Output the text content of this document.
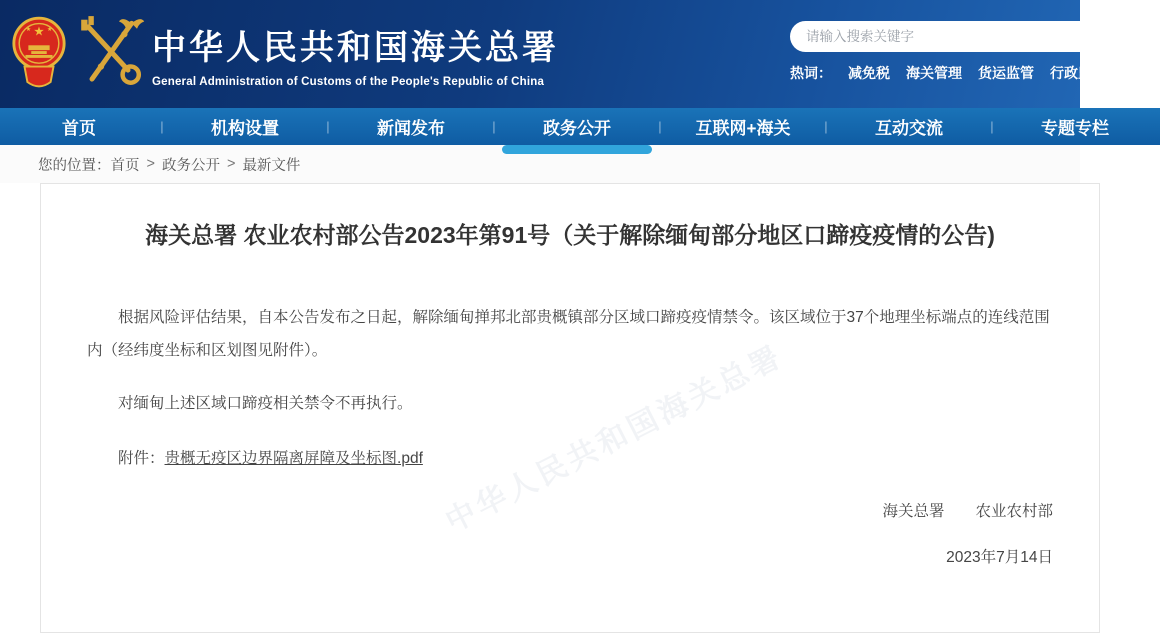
★
★	★	中华人民共和国海关总署
General Administration of Customs of the People's Republic of China
请输入搜索关键字
热词： 减免税 海关管理 货运监管 行政监管
首页	|	机构设置	|	新闻发布	|	政务公开	|	互联网+海关	|	互动交流	|	专题专栏
您的位置： 首页 > 政务公开 > 最新文件
海关总署 农业农村部公告2023年第91号（关于解除缅甸部分地区口蹄疫疫情的公告)

根据风险评估结果，自本公告发布之日起，解除缅甸掸邦北部贵概镇部分区域口蹄疫疫情禁令。该区域位于37个地理坐标端点的连线范围内（经纬度坐标和区划图见附件）。

对缅甸上述区域口蹄疫相关禁令不再执行。

附件：贵概无疫区边界隔离屏障及坐标图.pdf
海关总署　　农业农村部
2023年7月14日
中华人民共和国海关总署
